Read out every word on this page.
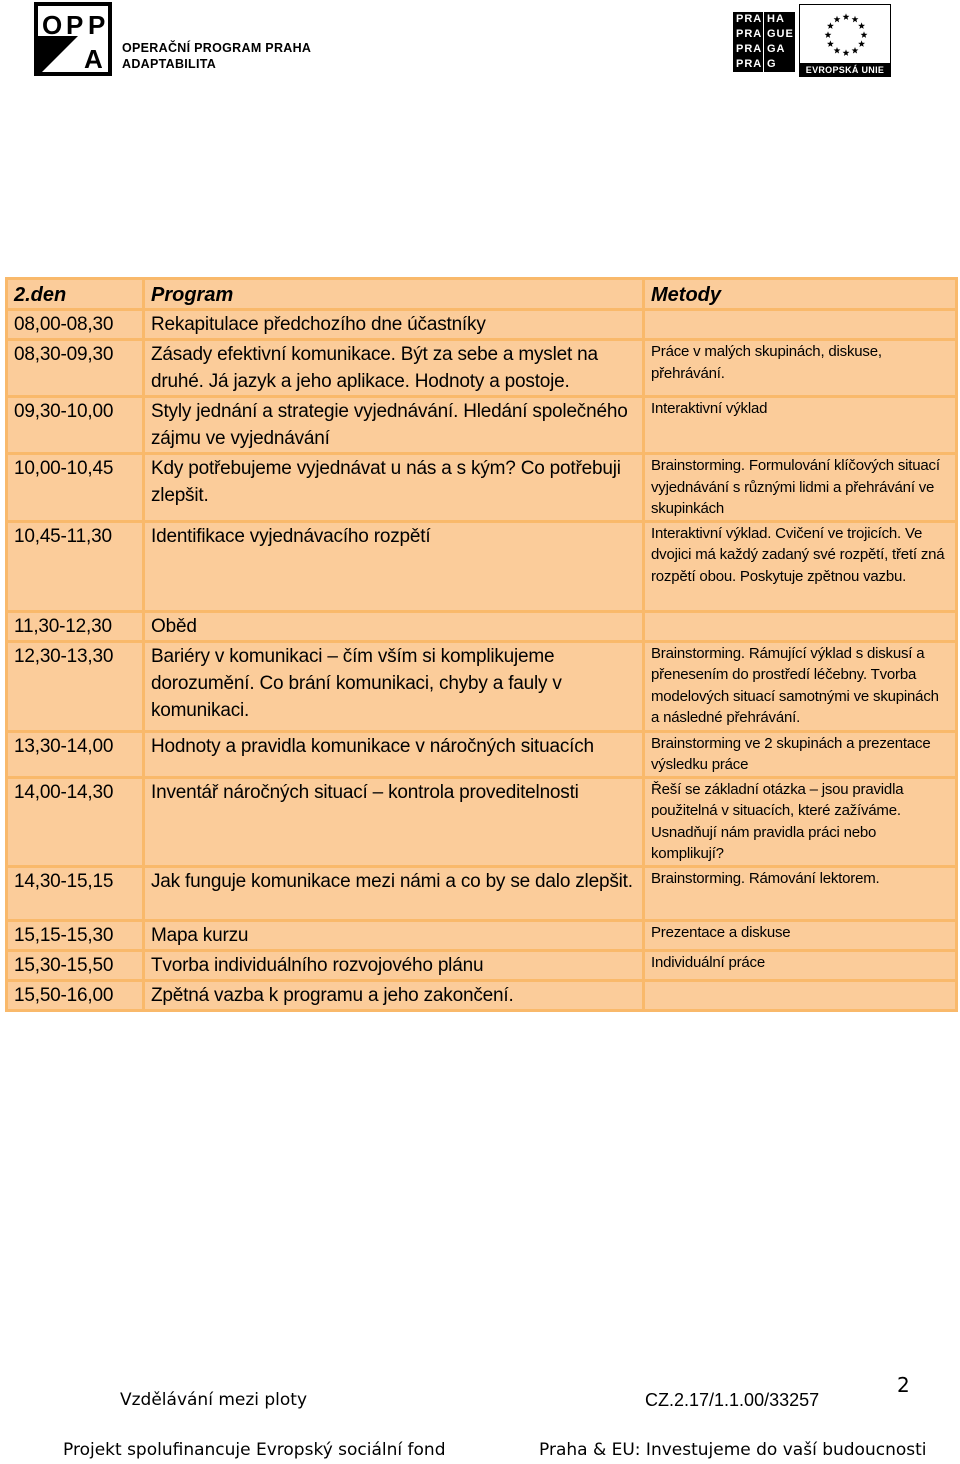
O P P
A OPERAČNÍ PROGRAM PRAHA
ADAPTABILITA
PRA HA
PRA GUE
PRA GA
PRA G	EVROPSKÁ UNIE
2.den	Program	Metody
08,00-08,30	Rekapitulace předchozího dne účastníky	
08,30-09,30	Zásady efektivní komunikace. Být za sebe a myslet na druhé. Já jazyk a jeho aplikace. Hodnoty a postoje.	Práce v malých skupinách, diskuse, přehrávání.
09,30-10,00	Styly jednání a strategie vyjednávání. Hledání společného zájmu ve vyjednávání	Interaktivní výklad
10,00-10,45	Kdy potřebujeme vyjednávat u nás a s kým? Co potřebuji zlepšit.	Brainstorming. Formulování klíčových situací vyjednávání s různými lidmi a přehrávání ve skupinkách
10,45-11,30	Identifikace vyjednávacího rozpětí	Interaktivní výklad. Cvičení ve trojicích. Ve dvojici má každý zadaný své rozpětí, třetí zná rozpětí obou. Poskytuje zpětnou vazbu.
11,30-12,30	Oběd	
12,30-13,30	Bariéry v komunikaci – čím vším si komplikujeme dorozumění. Co brání komunikaci, chyby a fauly v komunikaci.	Brainstorming. Rámující výklad s diskusí a přenesením do prostředí léčebny. Tvorba modelových situací samotnými ve skupinách a následné přehrávání.
13,30-14,00	Hodnoty a pravidla komunikace v náročných situacích	Brainstorming ve 2 skupinách a prezentace výsledku práce
14,00-14,30	Inventář náročných situací – kontrola proveditelnosti	Řeší se základní otázka – jsou pravidla použitelná v situacích, které zažíváme. Usnadňují nám pravidla práci nebo komplikují?
14,30-15,15	Jak funguje komunikace mezi námi a co by se dalo zlepšit.	Brainstorming. Rámování lektorem.
15,15-15,30	Mapa kurzu	Prezentace a diskuse
15,30-15,50	Tvorba individuálního rozvojového plánu	Individuální práce
15,50-16,00	Zpětná vazba k programu a jeho zakončení.	
2
Vzdělávání mezi ploty	CZ.2.17/1.1.00/33257
Projekt spolufinancuje Evropský sociální fond	Praha & EU: Investujeme do vaší budoucnosti
